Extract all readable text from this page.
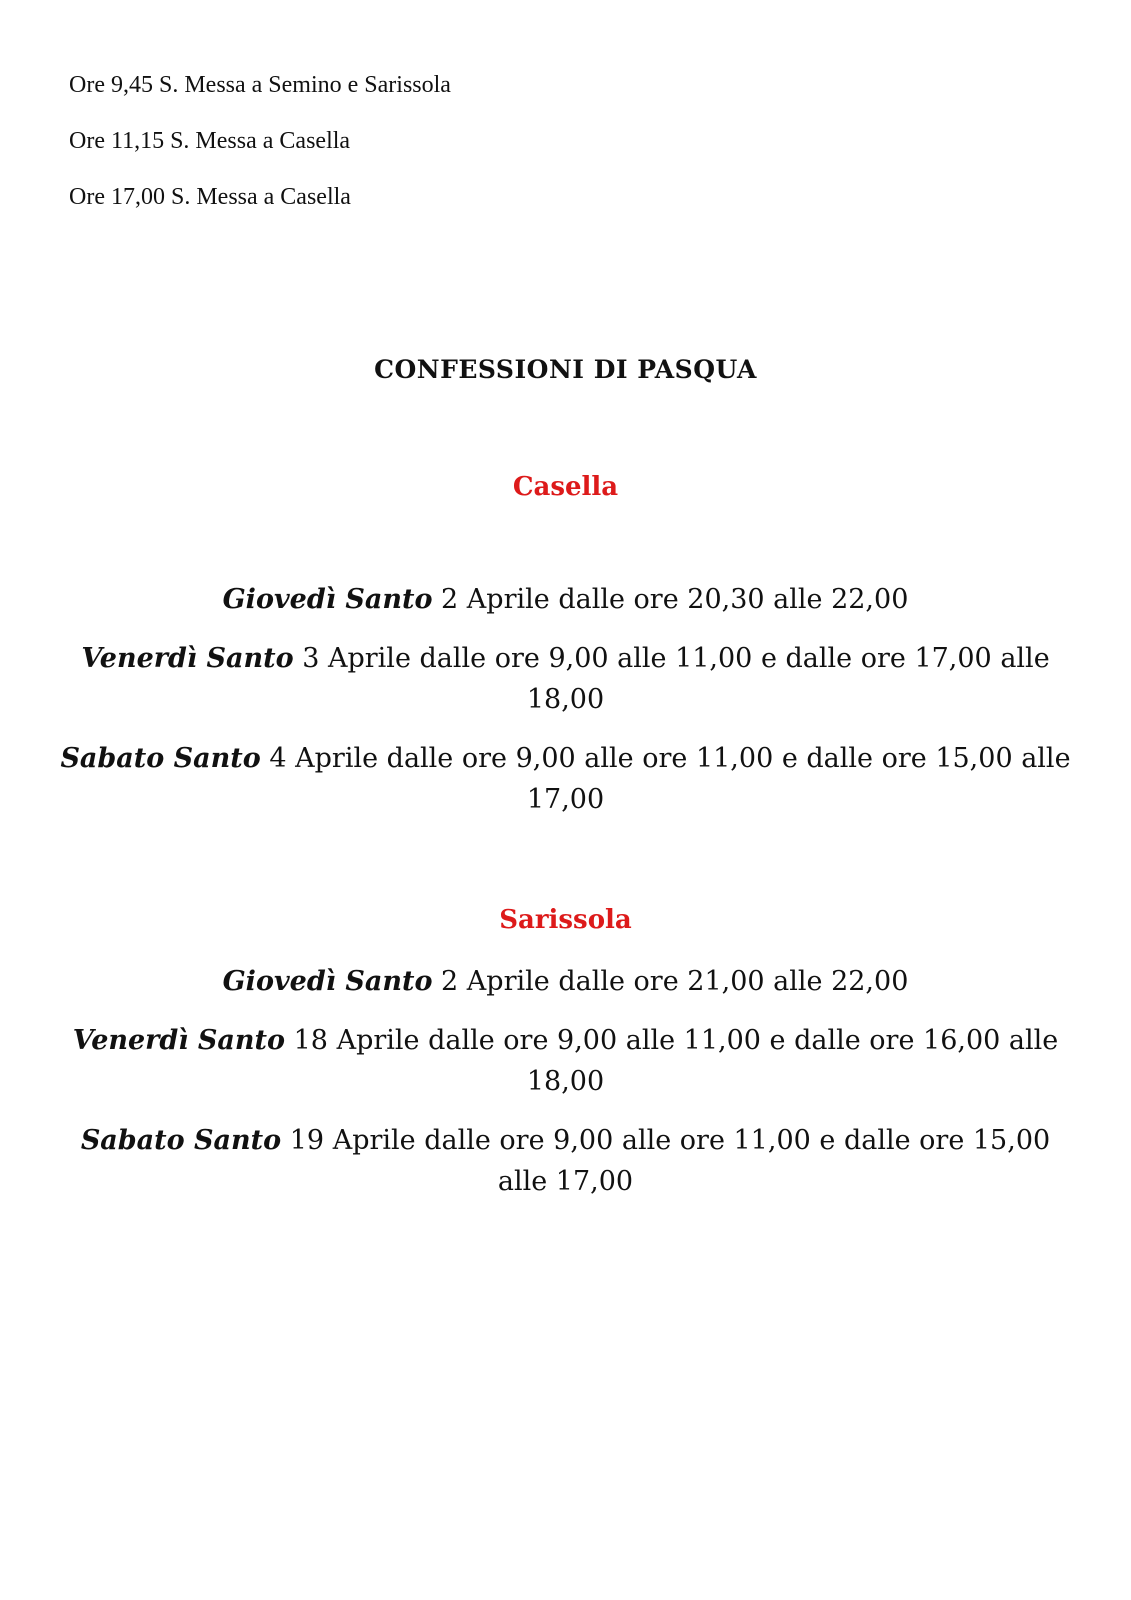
Ore 9,45 S. Messa a Semino e Sarissola
Ore 11,15 S. Messa a Casella
Ore 17,00 S. Messa a Casella
CONFESSIONI DI PASQUA
Casella

Giovedì Santo 2 Aprile dalle ore 20,30 alle 22,00

Venerdì Santo 3 Aprile dalle ore 9,00 alle 11,00 e dalle ore 17,00 alle 18,00

Sabato Santo 4 Aprile dalle ore 9,00 alle ore 11,00 e dalle ore 15,00 alle 17,00

Sarissola

Giovedì Santo 2 Aprile dalle ore 21,00 alle 22,00

Venerdì Santo 18 Aprile dalle ore 9,00 alle 11,00 e dalle ore 16,00 alle 18,00

Sabato Santo 19 Aprile dalle ore 9,00 alle ore 11,00 e dalle ore 15,00 alle 17,00
